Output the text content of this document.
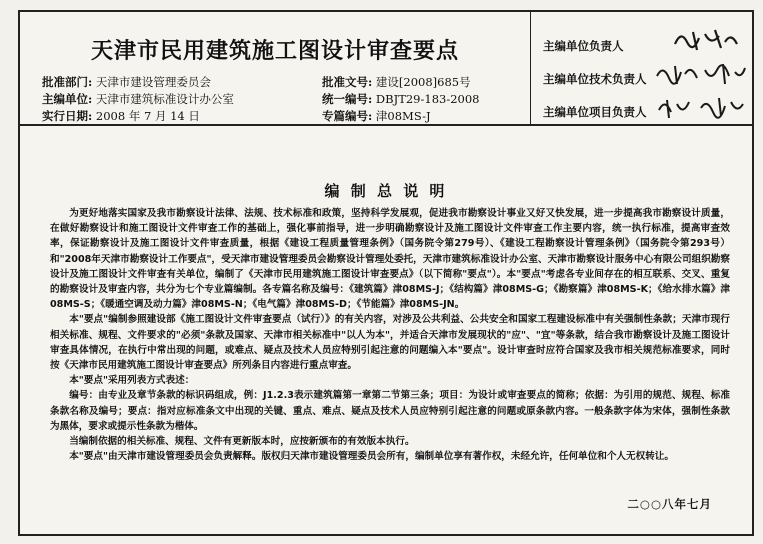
天津市民用建筑施工图设计审查要点
批准部门: 天津市建设管理委员会
主编单位: 天津市建筑标准设计办公室
实行日期: 2008 年 7 月 14 日
批准文号: 建设[2008]685号
统一编号: DBJT29-183-2008
专篇编号: 津08MS-J
主编单位负责人
主编单位技术负责人
主编单位项目负责人
编 制 总 说 明

为更好地落实国家及我市勘察设计法律、法规、技术标准和政策，坚持科学发展观，促进我市勘察设计事业又好又快发展，进一步提高我市勘察设计质量，在做好勘察设计和施工图设计文件审查工作的基础上，强化事前指导，进一步明确勘察设计及施工图设计文件审查工作主要内容，统一执行标准，提高审查效率，保证勘察设计及施工图设计文件审查质量，根据《建设工程质量管理条例》（国务院令第279号）、《建设工程勘察设计管理条例》（国务院令第293号）和"2008年天津市勘察设计工作要点"，受天津市建设管理委员会勘察设计管理处委托，天津市建筑标准设计办公室、天津市勘察设计服务中心有限公司组织勘察设计及施工图设计文件审查有关单位，编制了《天津市民用建筑施工图设计审查要点》（以下简称"要点"）。本"要点"考虑各专业间存在的相互联系、交叉、重复的勘察设计及审查内容，共分为七个专业篇编制。各专篇名称及编号：《建筑篇》津08MS-J；《结构篇》津08MS-G；《勘察篇》津08MS-K；《给水排水篇》津08MS-S；《暖通空调及动力篇》津08MS-N；《电气篇》津08MS-D；《节能篇》津08MS-JN。

本"要点"编制参照建设部《施工图设计文件审查要点（试行）》的有关内容，对涉及公共利益、公共安全和国家工程建设标准中有关强制性条款；天津市现行相关标准、规程、文件要求的"必须"条款及国家、天津市相关标准中"以人为本"，并适合天津市发展现状的"应"、"宜"等条款，结合我市勘察设计及施工图设计审查具体情况，在执行中常出现的问题，或难点、疑点及技术人员应特别引起注意的问题编入本"要点"。设计审查时应符合国家及我市相关规范标准要求，同时按《天津市民用建筑施工图设计审查要点》所列条目内容进行重点审查。

本"要点"采用列表方式表述：

编号：由专业及章节条款的标识码组成，例：J1.2.3表示建筑篇第一章第二节第三条；项目：为设计或审查要点的简称；依据：为引用的规范、规程、标准条款名称及编号；要点：指对应标准条文中出现的关键、重点、难点、疑点及技术人员应特别引起注意的问题或原条款内容。一般条款字体为宋体，强制性条款为黑体，要求或提示性条款为楷体。

当编制依据的相关标准、规程、文件有更新版本时，应按新颁布的有效版本执行。

本"要点"由天津市建设管理委员会负责解释。版权归天津市建设管理委员会所有，编制单位享有著作权，未经允许，任何单位和个人无权转让。

二○○八年七月
